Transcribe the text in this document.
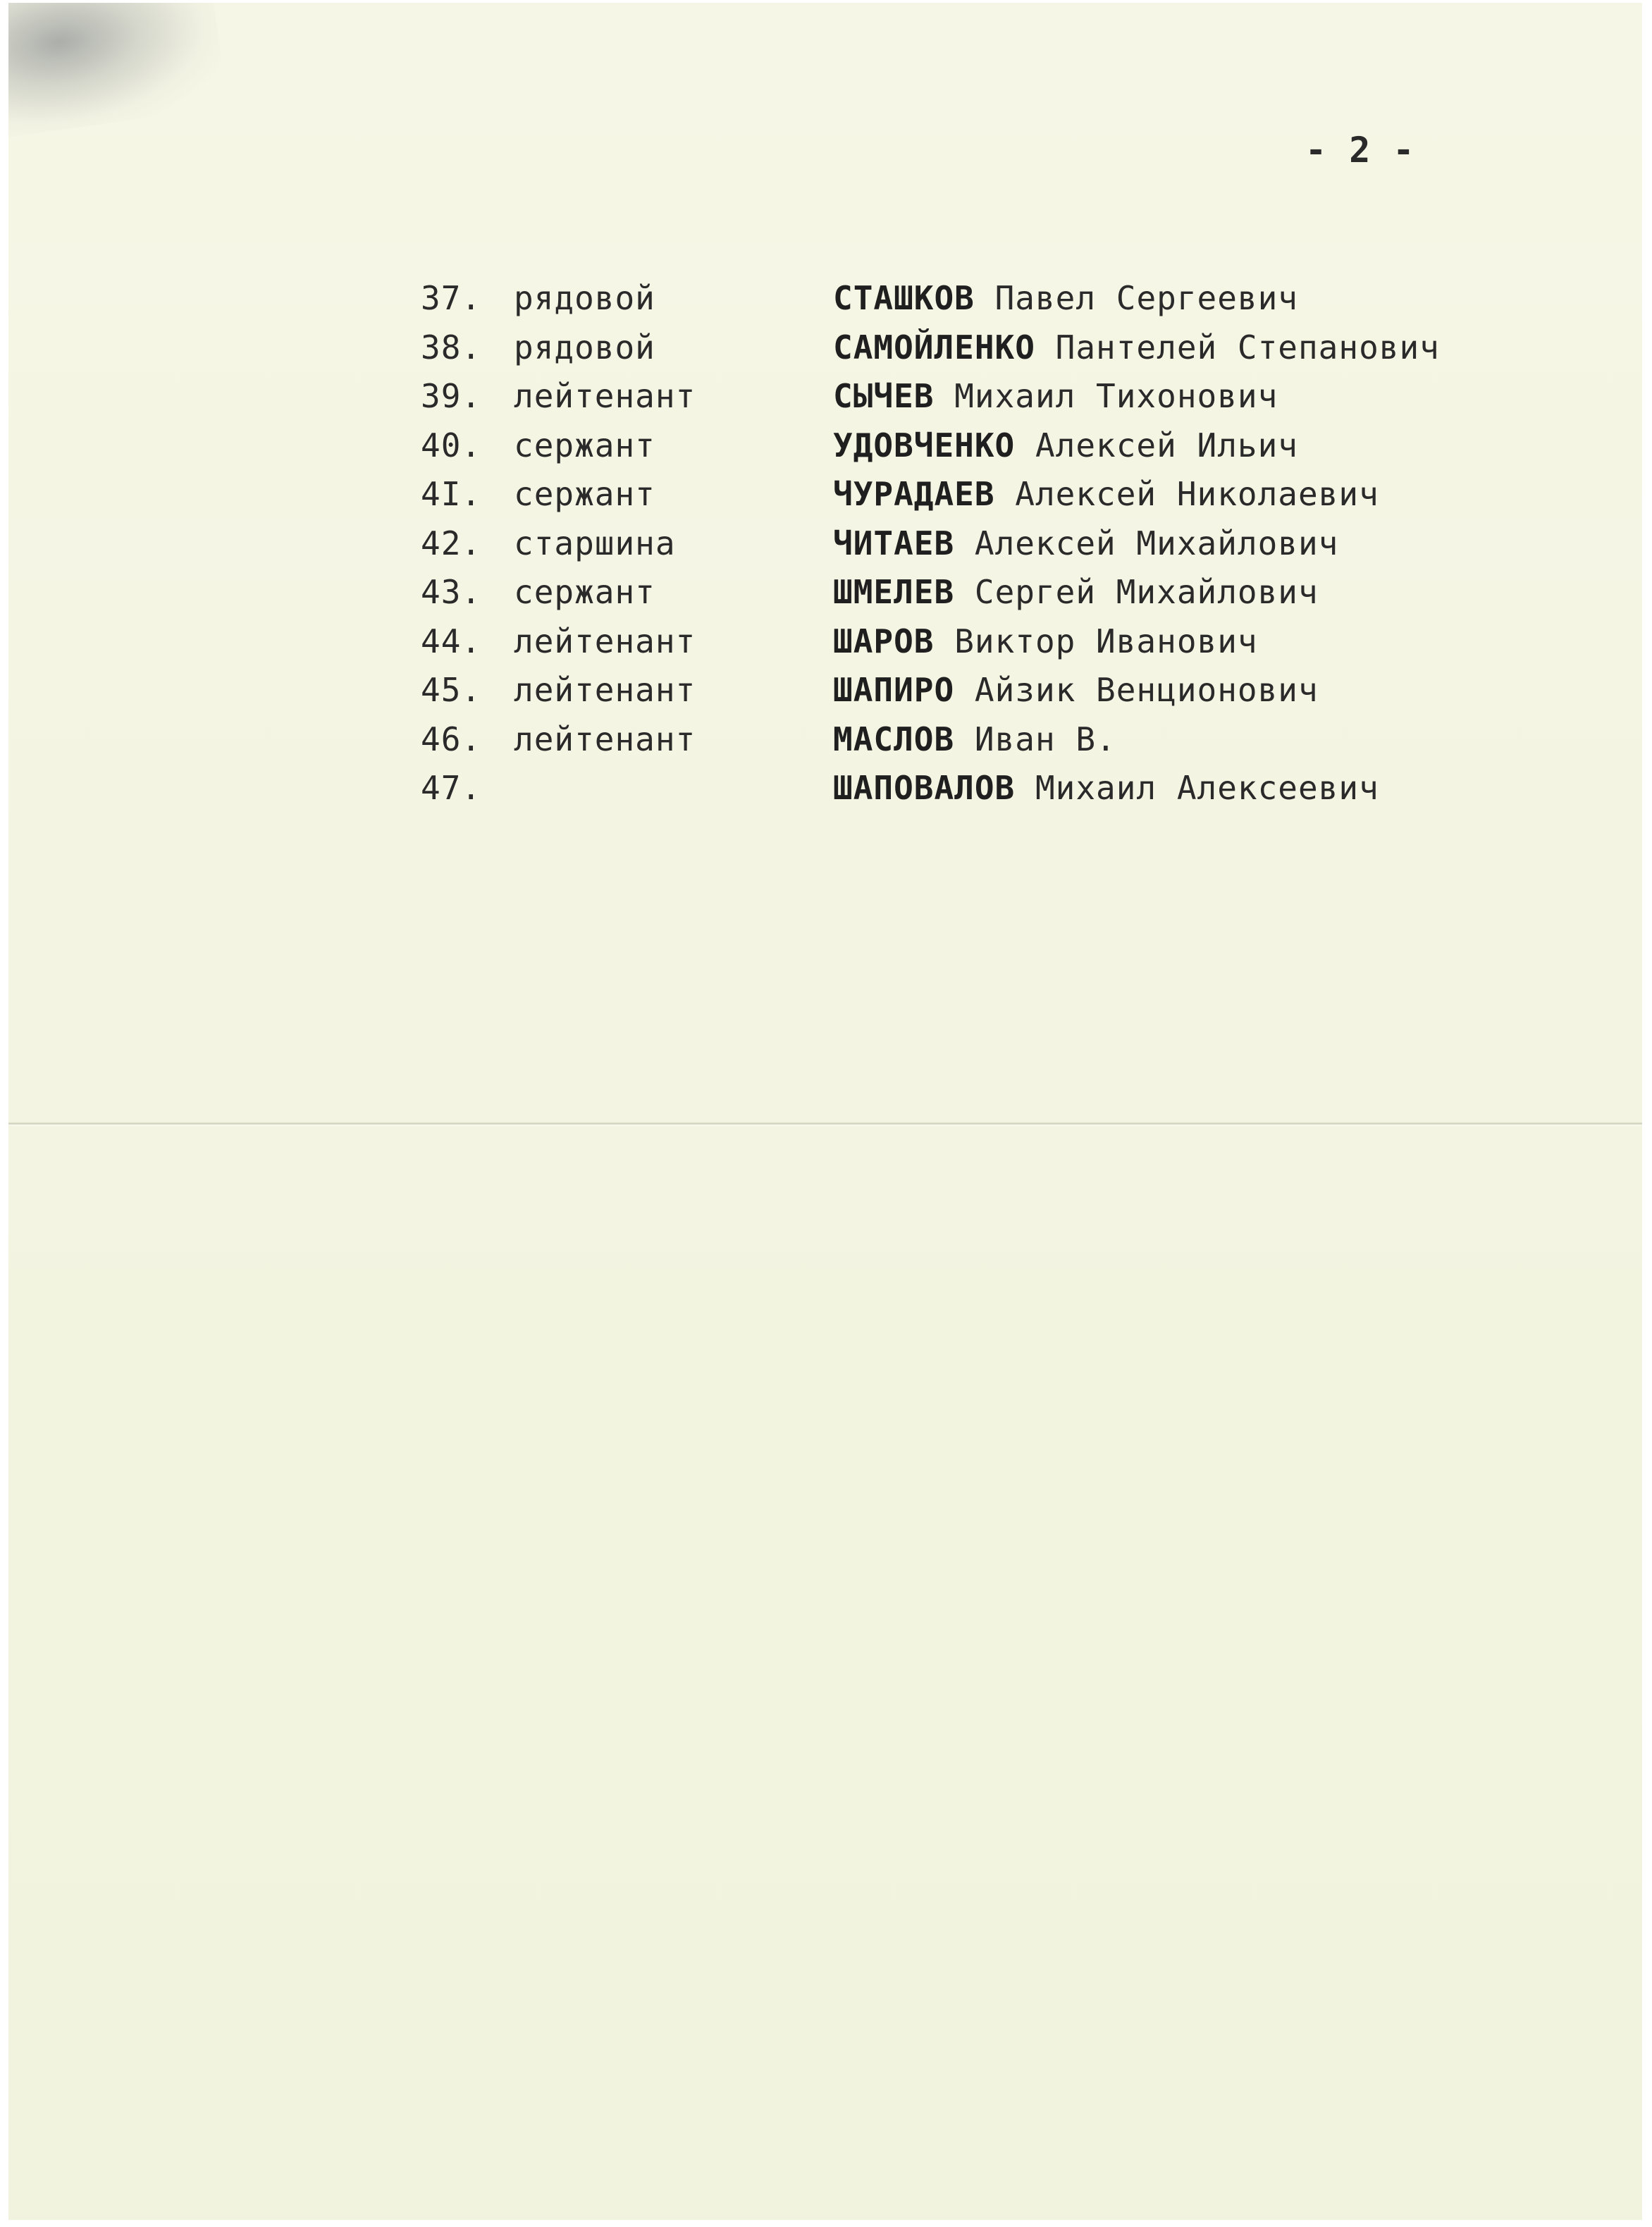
- 2 -
37. рядовой	СТАШКОВ Павел Сергеевич
38. рядовой	САМОЙЛЕНКО Пантелей Степанович
39. лейтенант	СЫЧЕВ Михаил Тихонович
40. сержант	УДОВЧЕНКО Алексей Ильич
4I. сержант	ЧУРАДАЕВ Алексей Николаевич
42. старшина	ЧИТАЕВ Алексей Михайлович
43. сержант	ШМЕЛЕВ Сергей Михайлович
44. лейтенант	ШАРОВ Виктор Иванович
45. лейтенант	ШАПИРО Айзик Венционович
46. лейтенант	МАСЛОВ Иван В.
47.	ШАПОВАЛОВ Михаил Алексеевич
